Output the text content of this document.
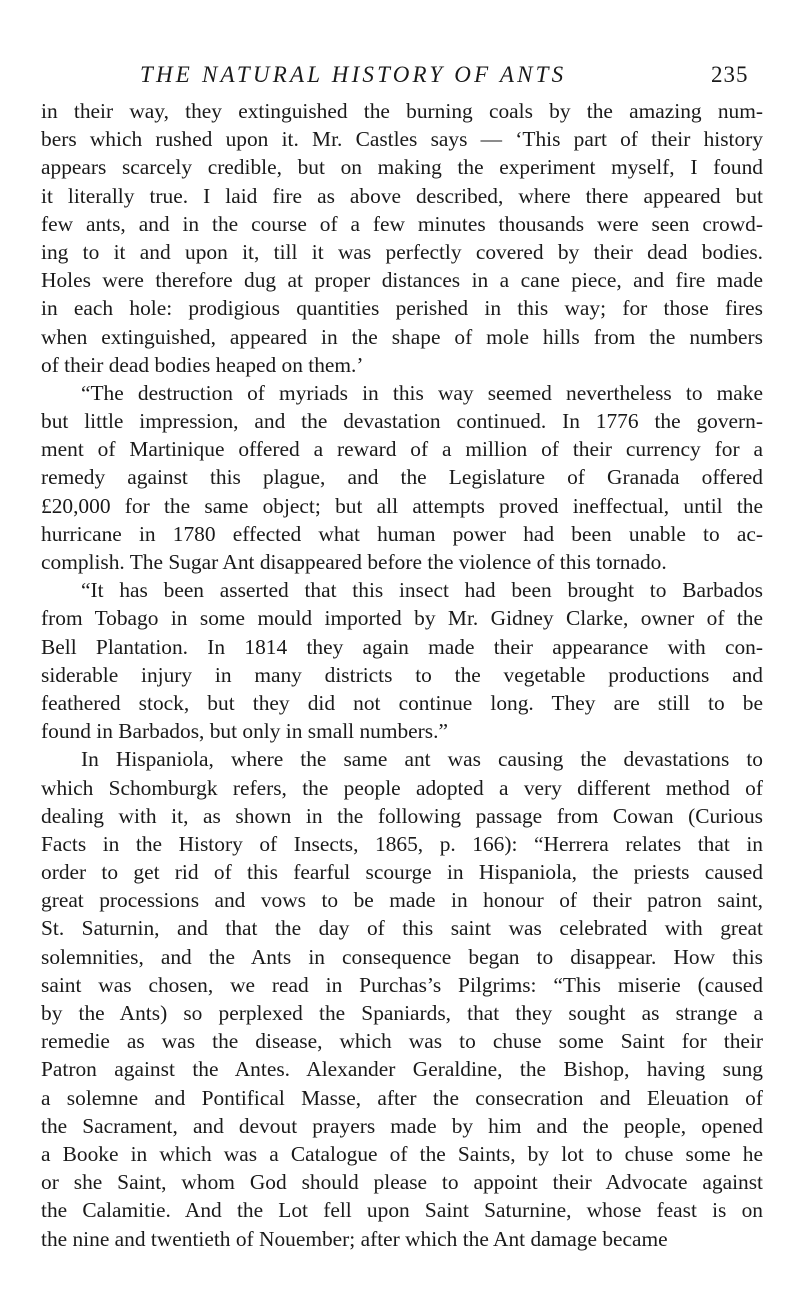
THE NATURAL HISTORY OF ANTS	235
in their way, they extinguished the burning coals by the amazing num-
bers which rushed upon it. Mr. Castles says — ‘This part of their history
appears scarcely credible, but on making the experiment myself, I found
it literally true. I laid fire as above described, where there appeared but
few ants, and in the course of a few minutes thousands were seen crowd-
ing to it and upon it, till it was perfectly covered by their dead bodies.
Holes were therefore dug at proper distances in a cane piece, and fire made
in each hole: prodigious quantities perished in this way; for those fires
when extinguished, appeared in the shape of mole hills from the numbers
of their dead bodies heaped on them.’
“The destruction of myriads in this way seemed nevertheless to make
but little impression, and the devastation continued. In 1776 the govern-
ment of Martinique offered a reward of a million of their currency for a
remedy against this plague, and the Legislature of Granada offered
£20,000 for the same object; but all attempts proved ineffectual, until the
hurricane in 1780 effected what human power had been unable to ac-
complish. The Sugar Ant disappeared before the violence of this tornado.
“It has been asserted that this insect had been brought to Barbados
from Tobago in some mould imported by Mr. Gidney Clarke, owner of the
Bell Plantation. In 1814 they again made their appearance with con-
siderable injury in many districts to the vegetable productions and
feathered stock, but they did not continue long. They are still to be
found in Barbados, but only in small numbers.”
In Hispaniola, where the same ant was causing the devastations to
which Schomburgk refers, the people adopted a very different method of
dealing with it, as shown in the following passage from Cowan (Curious
Facts in the History of Insects, 1865, p. 166): “Herrera relates that in
order to get rid of this fearful scourge in Hispaniola, the priests caused
great processions and vows to be made in honour of their patron saint,
St. Saturnin, and that the day of this saint was celebrated with great
solemnities, and the Ants in consequence began to disappear. How this
saint was chosen, we read in Purchas’s Pilgrims: “This miserie (caused
by the Ants) so perplexed the Spaniards, that they sought as strange a
remedie as was the disease, which was to chuse some Saint for their
Patron against the Antes. Alexander Geraldine, the Bishop, having sung
a solemne and Pontifical Masse, after the consecration and Eleuation of
the Sacrament, and devout prayers made by him and the people, opened
a Booke in which was a Catalogue of the Saints, by lot to chuse some he
or she Saint, whom God should please to appoint their Advocate against
the Calamitie. And the Lot fell upon Saint Saturnine, whose feast is on
the nine and twentieth of Nouember; after which the Ant damage became
